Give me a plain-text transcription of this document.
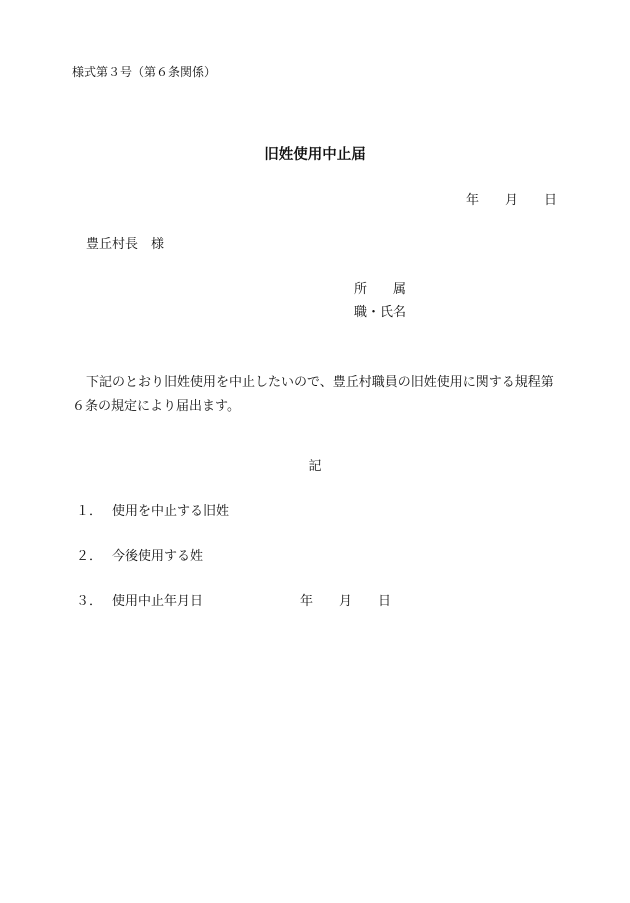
様式第３号（第６条関係）
旧姓使用中止届
年 月 日
豊丘村長　様
所 属
職・氏名
下記のとおり旧姓使用を中止したいので、豊丘村職員の旧姓使用に関する規程第６条の規定により届出ます。
記
１． 使用を中止する旧姓
２． 今後使用する姓
３． 使用中止年月日	年 月 日
